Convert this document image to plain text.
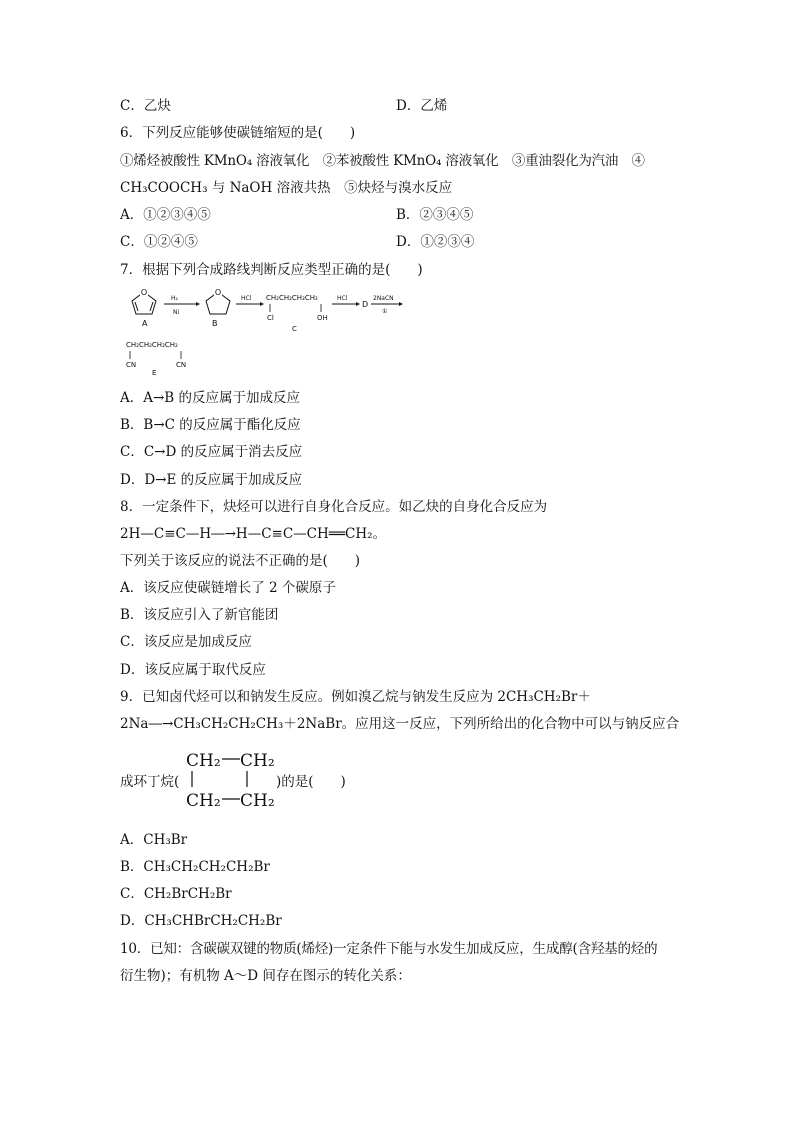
C．乙炔	D．乙烯
6．下列反应能够使碳链缩短的是(　　)
①烯烃被酸性 KMnO₄ 溶液氧化　②苯被酸性 KMnO₄ 溶液氧化　③重油裂化为汽油　④
CH₃COOCH₃ 与 NaOH 溶液共热　⑤炔烃与溴水反应
A．①②③④⑤	B．②③④⑤
C．①②④⑤	D．①②③④
7．根据下列合成路线判断反应类型正确的是(　　)
O
A
H₂
Ni
O
B
HCl CH₂CH₂CH₂CH₂
Cl	OH
C
HCl
D
2NaCN
①
CH₂CH₂CH₂CH₂
CN	CN
E
A．A→B 的反应属于加成反应
B．B→C 的反应属于酯化反应
C．C→D 的反应属于消去反应
D．D→E 的反应属于加成反应
8．一定条件下，炔烃可以进行自身化合反应。如乙炔的自身化合反应为
2H—C≡C—H―→H—C≡C—CH══CH₂。
下列关于该反应的说法不正确的是(　　)
A．该反应使碳链增长了 2 个碳原子
B．该反应引入了新官能团
C．该反应是加成反应
D．该反应属于取代反应
9．已知卤代烃可以和钠发生反应。例如溴乙烷与钠发生反应为 2CH₃CH₂Br＋
2Na―→CH₃CH₂CH₂CH₃＋2NaBr。应用这一反应，下列所给出的化合物中可以与钠反应合
成环丁烷(
CH₂ CH₂
CH₂ CH₂
)的是(　　)
A．CH₃Br
B．CH₃CH₂CH₂CH₂Br
C．CH₂BrCH₂Br
D．CH₃CHBrCH₂CH₂Br
10．已知：含碳碳双键的物质(烯烃)一定条件下能与水发生加成反应，生成醇(含羟基的烃的
衍生物)；有机物 A～D 间存在图示的转化关系：
